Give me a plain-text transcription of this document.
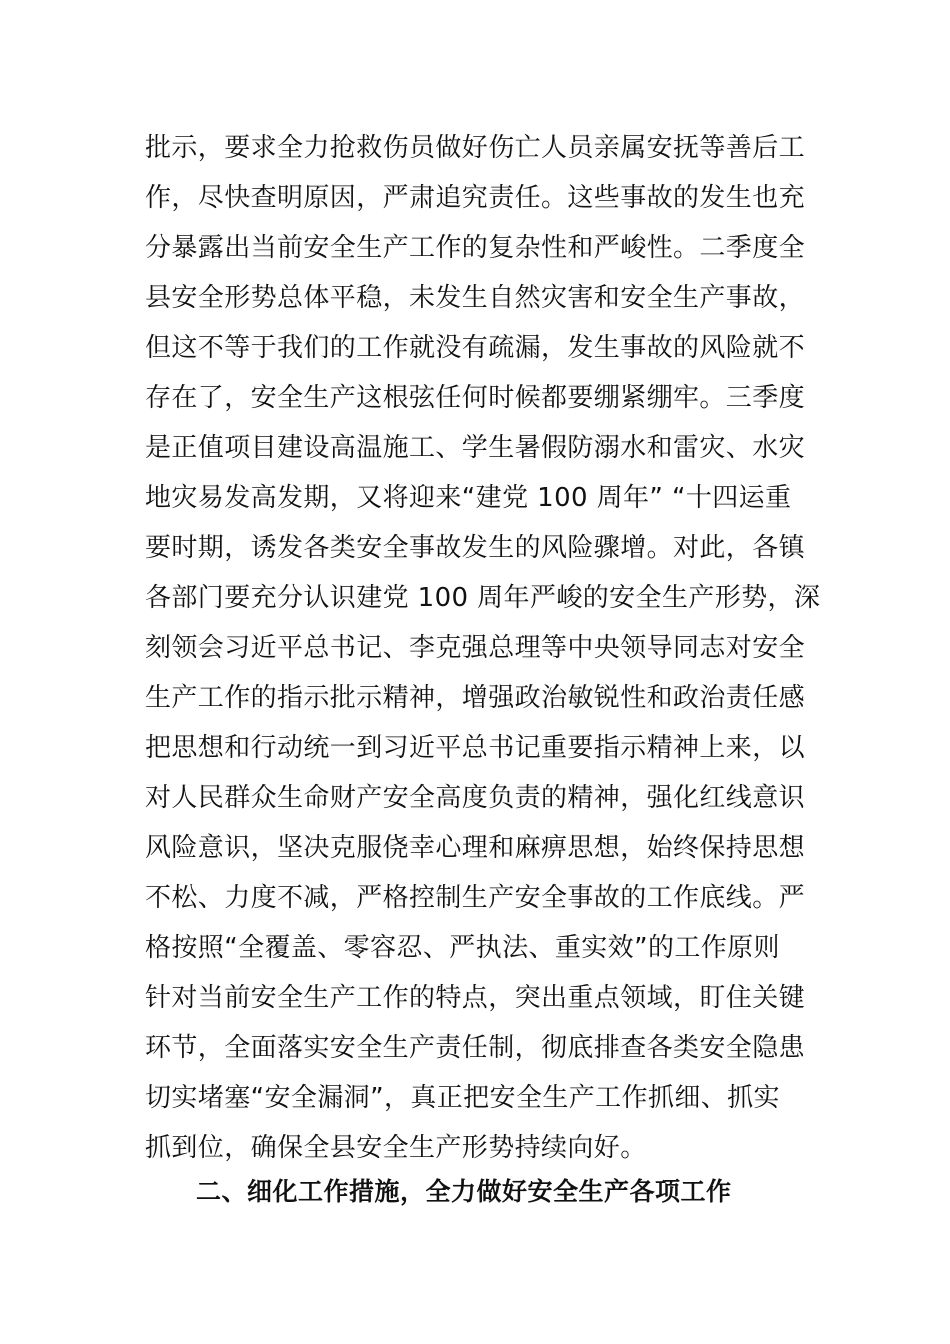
批示，要求全力抢救伤员做好伤亡人员亲属安抚等善后工
作，尽快查明原因，严肃追究责任。这些事故的发生也充
分暴露出当前安全生产工作的复杂性和严峻性。二季度全
县安全形势总体平稳，未发生自然灾害和安全生产事故，
但这不等于我们的工作就没有疏漏，发生事故的风险就不
存在了，安全生产这根弦任何时候都要绷紧绷牢。三季度
是正值项目建设高温施工、学生暑假防溺水和雷灾、水灾
地灾易发高发期，又将迎来“建党 100 周年” “十四运重
要时期，诱发各类安全事故发生的风险骤增。对此，各镇
各部门要充分认识建党 100 周年严峻的安全生产形势，深
刻领会习近平总书记、李克强总理等中央领导同志对安全
生产工作的指示批示精神，增强政治敏锐性和政治责任感
把思想和行动统一到习近平总书记重要指示精神上来，以
对人民群众生命财产安全高度负责的精神，强化红线意识
风险意识，坚决克服侥幸心理和麻痹思想，始终保持思想
不松、力度不减，严格控制生产安全事故的工作底线。严
格按照“全覆盖、零容忍、严执法、重实效”的工作原则
针对当前安全生产工作的特点，突出重点领域，盯住关键
环节，全面落实安全生产责任制，彻底排查各类安全隐患
切实堵塞“安全漏洞”，真正把安全生产工作抓细、抓实
抓到位，确保全县安全生产形势持续向好。
二、细化工作措施，全力做好安全生产各项工作
